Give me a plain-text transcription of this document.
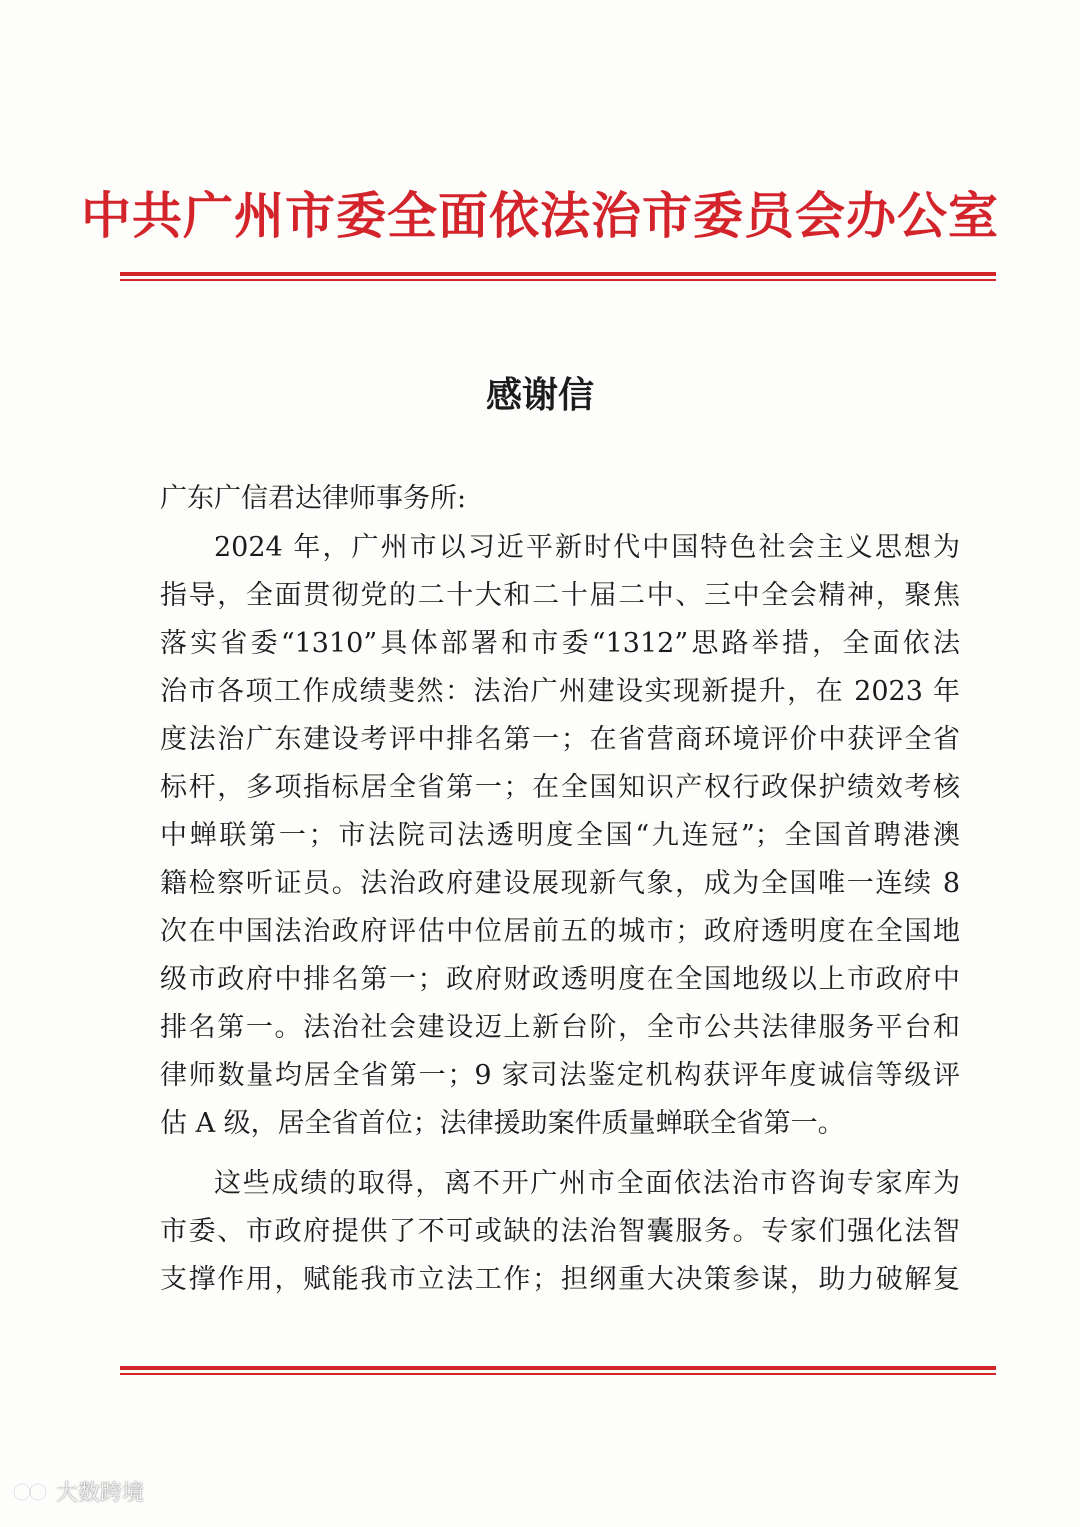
中共广州市委全面依法治市委员会办公室
感谢信
广东广信君达律师事务所:
2024 年，广州市以习近平新时代中国特色社会主义思想为
指导，全面贯彻党的二十大和二十届二中、三中全会精神，聚焦
落实省委“1310”具体部署和市委“1312”思路举措，全面依法
治市各项工作成绩斐然：法治广州建设实现新提升，在 2023 年
度法治广东建设考评中排名第一；在省营商环境评价中获评全省
标杆，多项指标居全省第一；在全国知识产权行政保护绩效考核
中蝉联第一；市法院司法透明度全国“九连冠”；全国首聘港澳
籍检察听证员。法治政府建设展现新气象，成为全国唯一连续 8
次在中国法治政府评估中位居前五的城市；政府透明度在全国地
级市政府中排名第一；政府财政透明度在全国地级以上市政府中
排名第一。法治社会建设迈上新台阶，全市公共法律服务平台和
律师数量均居全省第一；9 家司法鉴定机构获评年度诚信等级评
估 A 级，居全省首位；法律援助案件质量蝉联全省第一。
这些成绩的取得，离不开广州市全面依法治市咨询专家库为
市委、市政府提供了不可或缺的法治智囊服务。专家们强化法智
支撑作用，赋能我市立法工作；担纲重大决策参谋，助力破解复
大数跨境
